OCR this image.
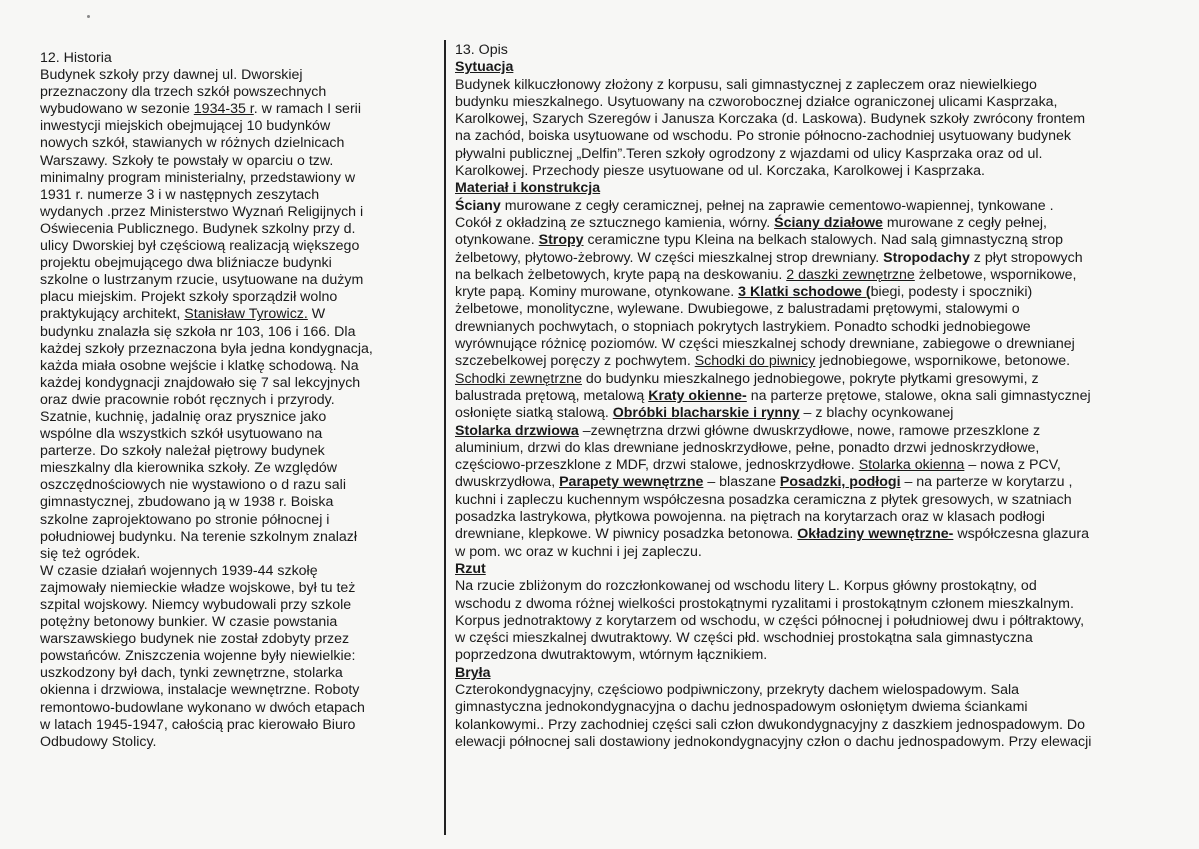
12. Historia
Budynek szkoły przy dawnej ul. Dworskiej
przeznaczony dla trzech szkół powszechnych
wybudowano w sezonie 1934-35 r. w ramach I serii
inwestycji miejskich obejmującej 10 budynków
nowych szkół, stawianych w różnych dzielnicach
Warszawy. Szkoły te powstały w oparciu o tzw.
minimalny program ministerialny, przedstawiony w
1931 r. numerze 3 i w następnych zeszytach
wydanych .przez Ministerstwo Wyznań Religijnych i
Oświecenia Publicznego. Budynek szkolny przy d.
ulicy Dworskiej był częściową realizacją większego
projektu obejmującego dwa bliźniacze budynki
szkolne o lustrzanym rzucie, usytuowane na dużym
placu miejskim. Projekt szkoły sporządził wolno
praktykujący architekt, Stanisław Tyrowicz. W
budynku znalazła się szkoła nr 103, 106 i 166. Dla
każdej szkoły przeznaczona była jedna kondygnacja,
każda miała osobne wejście i klatkę schodową. Na
każdej kondygnacji znajdowało się 7 sal lekcyjnych
oraz dwie pracownie robót ręcznych i przyrody.
Szatnie, kuchnię, jadalnię oraz prysznice jako
wspólne dla wszystkich szkół usytuowano na
parterze. Do szkoły należał piętrowy budynek
mieszkalny dla kierownika szkoły. Ze względów
oszczędnościowych nie wystawiono o d razu sali
gimnastycznej, zbudowano ją w 1938 r. Boiska
szkolne zaprojektowano po stronie północnej i
południowej budynku. Na terenie szkolnym znalazł
się też ogródek.
W czasie działań wojennych 1939-44 szkołę
zajmowały niemieckie władze wojskowe, był tu też
szpital wojskowy. Niemcy wybudowali przy szkole
potężny betonowy bunkier. W czasie powstania
warszawskiego budynek nie został zdobyty przez
powstańców. Zniszczenia wojenne były niewielkie:
uszkodzony był dach, tynki zewnętrzne, stolarka
okienna i drzwiowa, instalacje wewnętrzne. Roboty
remontowo-budowlane wykonano w dwóch etapach
w latach 1945-1947, całością prac kierowało Biuro
Odbudowy Stolicy.
13. Opis
Sytuacja
Budynek kilkuczłonowy złożony z korpusu, sali gimnastycznej z zapleczem oraz niewielkiego
budynku mieszkalnego. Usytuowany na czworobocznej działce ograniczonej ulicami Kasprzaka,
Karolkowej, Szarych Szeregów i Janusza Korczaka (d. Laskowa). Budynek szkoły zwrócony frontem
na zachód, boiska usytuowane od wschodu. Po stronie północno-zachodniej usytuowany budynek
pływalni publicznej „Delfin”.Teren szkoły ogrodzony z wjazdami od ulicy Kasprzaka oraz od ul.
Karolkowej. Przechody piesze usytuowane od ul. Korczaka, Karolkowej i Kasprzaka.
Materiał i konstrukcja
Ściany murowane z cegły ceramicznej, pełnej na zaprawie cementowo-wapiennej, tynkowane .
Cokół z okładziną ze sztucznego kamienia, wórny. Ściany działowe murowane z cegły pełnej,
otynkowane. Stropy ceramiczne typu Kleina na belkach stalowych. Nad salą gimnastyczną strop
żelbetowy, płytowo-żebrowy. W części mieszkalnej strop drewniany. Stropodachy z płyt stropowych
na belkach żelbetowych, kryte papą na deskowaniu. 2 daszki zewnętrzne żelbetowe, wspornikowe,
kryte papą. Kominy murowane, otynkowane. 3 Klatki schodowe (biegi, podesty i spoczniki)
żelbetowe, monolityczne, wylewane. Dwubiegowe, z balustradami prętowymi, stalowymi o
drewnianych pochwytach, o stopniach pokrytych lastrykiem. Ponadto schodki jednobiegowe
wyrównujące różnicę poziomów. W części mieszkalnej schody drewniane, zabiegowe o drewnianej
szczebelkowej poręczy z pochwytem. Schodki do piwnicy jednobiegowe, wspornikowe, betonowe.
Schodki zewnętrzne do budynku mieszkalnego jednobiegowe, pokryte płytkami gresowymi, z
balustrada prętową, metalową Kraty okienne- na parterze prętowe, stalowe, okna sali gimnastycznej
osłonięte siatką stalową. Obróbki blacharskie i rynny – z blachy ocynkowanej
Stolarka drzwiowa –zewnętrzna drzwi główne dwuskrzydłowe, nowe, ramowe przeszklone z
aluminium, drzwi do klas drewniane jednoskrzydłowe, pełne, ponadto drzwi jednoskrzydłowe,
częściowo-przeszklone z MDF, drzwi stalowe, jednoskrzydłowe. Stolarka okienna – nowa z PCV,
dwuskrzydłowa, Parapety wewnętrzne – blaszane Posadzki, podłogi – na parterze w korytarzu ,
kuchni i zapleczu kuchennym współczesna posadzka ceramiczna z płytek gresowych, w szatniach
posadzka lastrykowa, płytkowa powojenna. na piętrach na korytarzach oraz w klasach podłogi
drewniane, klepkowe. W piwnicy posadzka betonowa. Okładziny wewnętrzne- współczesna glazura
w pom. wc oraz w kuchni i jej zapleczu.
Rzut
Na rzucie zbliżonym do rozczłonkowanej od wschodu litery L. Korpus główny prostokątny, od
wschodu z dwoma różnej wielkości prostokątnymi ryzalitami i prostokątnym członem mieszkalnym.
Korpus jednotraktowy z korytarzem od wschodu, w części północnej i południowej dwu i półtraktowy,
w części mieszkalnej dwutraktowy. W części płd. wschodniej prostokątna sala gimnastyczna
poprzedzona dwutraktowym, wtórnym łącznikiem.
Bryła
Czterokondygnacyjny, częściowo podpiwniczony, przekryty dachem wielospadowym. Sala
gimnastyczna jednokondygnacyjna o dachu jednospadowym osłoniętym dwiema ściankami
kolankowymi.. Przy zachodniej części sali człon dwukondygnacyjny z daszkiem jednospadowym. Do
elewacji północnej sali dostawiony jednokondygnacyjny człon o dachu jednospadowym. Przy elewacji
